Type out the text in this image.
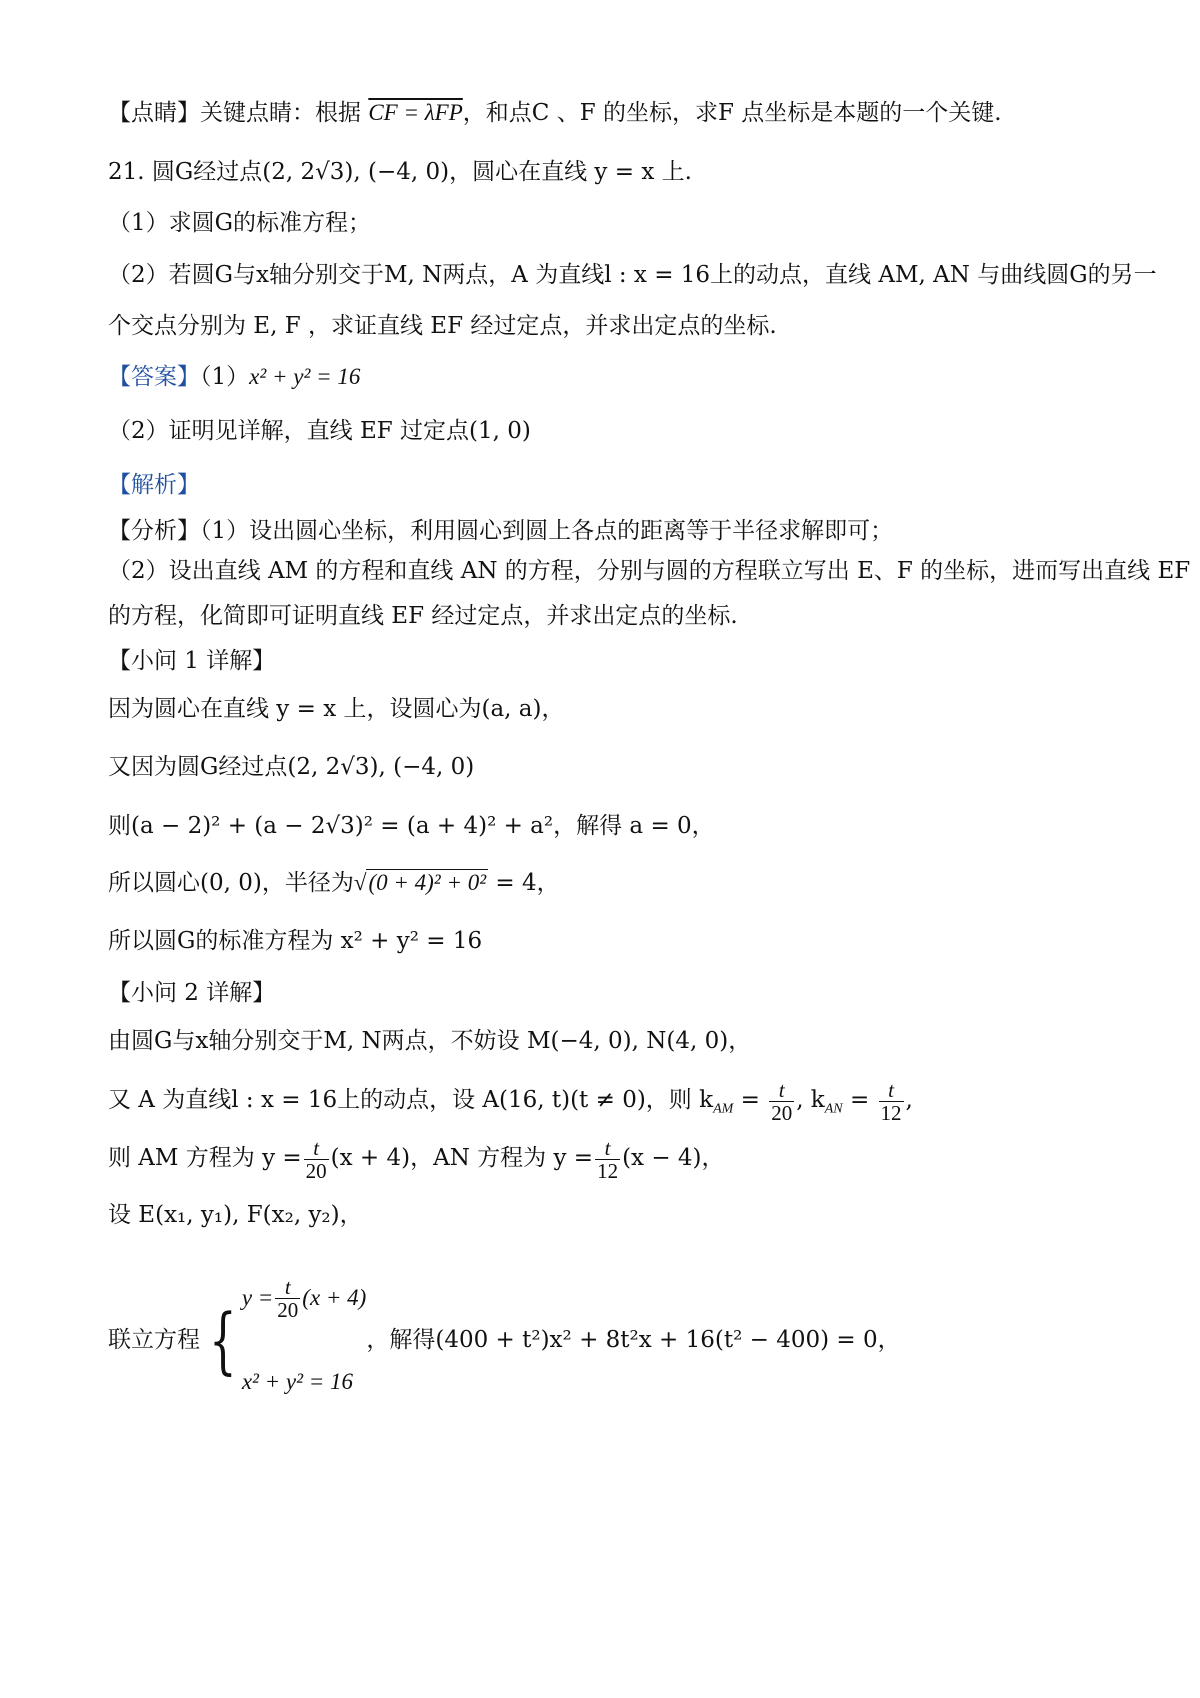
【点睛】关键点睛：根据 CF = λFP，和点C 、F 的坐标，求F 点坐标是本题的一个关键.
21. 圆G经过点(2, 2√3), (−4, 0)，圆心在直线 y = x 上.
（1）求圆G的标准方程；
（2）若圆G与x轴分别交于M, N两点，A 为直线l : x = 16上的动点，直线 AM, AN 与曲线圆G的另一
个交点分别为 E, F ，求证直线 EF 经过定点，并求出定点的坐标.
【答案】（1）x² + y² = 16
（2）证明见详解，直线 EF 过定点(1, 0)
【解析】
【分析】（1）设出圆心坐标，利用圆心到圆上各点的距离等于半径求解即可；
（2）设出直线 AM 的方程和直线 AN 的方程，分别与圆的方程联立写出 E、F 的坐标，进而写出直线 EF
的方程，化简即可证明直线 EF 经过定点，并求出定点的坐标.
【小问 1 详解】
因为圆心在直线 y = x 上，设圆心为(a, a)，
又因为圆G经过点(2, 2√3), (−4, 0)
则(a − 2)² + (a − 2√3)² = (a + 4)² + a²，解得 a = 0，
所以圆心(0, 0)，半径为√(0 + 4)² + 0² = 4，
所以圆G的标准方程为 x² + y² = 16
【小问 2 详解】
由圆G与x轴分别交于M, N两点，不妨设 M(−4, 0), N(4, 0)，
又 A 为直线l : x = 16上的动点，设 A(16, t)(t ≠ 0)，则 $k_{AM} = \frac{t}{20}$ , $k_{AN} = \frac{t}{12}$ ,
则 AM 方程为 $y = \frac{t}{20} (x + 4)$，AN 方程为 $y = \frac{t}{12} (x - 4)$，
设 E(x₁, y₁), F(x₂, y₂)，
联立方程 {
$y = \frac{t}{20} (x + 4)$
x² + y² = 16
，解得(400 + t²)x² + 8t²x + 16(t² − 400) = 0，
